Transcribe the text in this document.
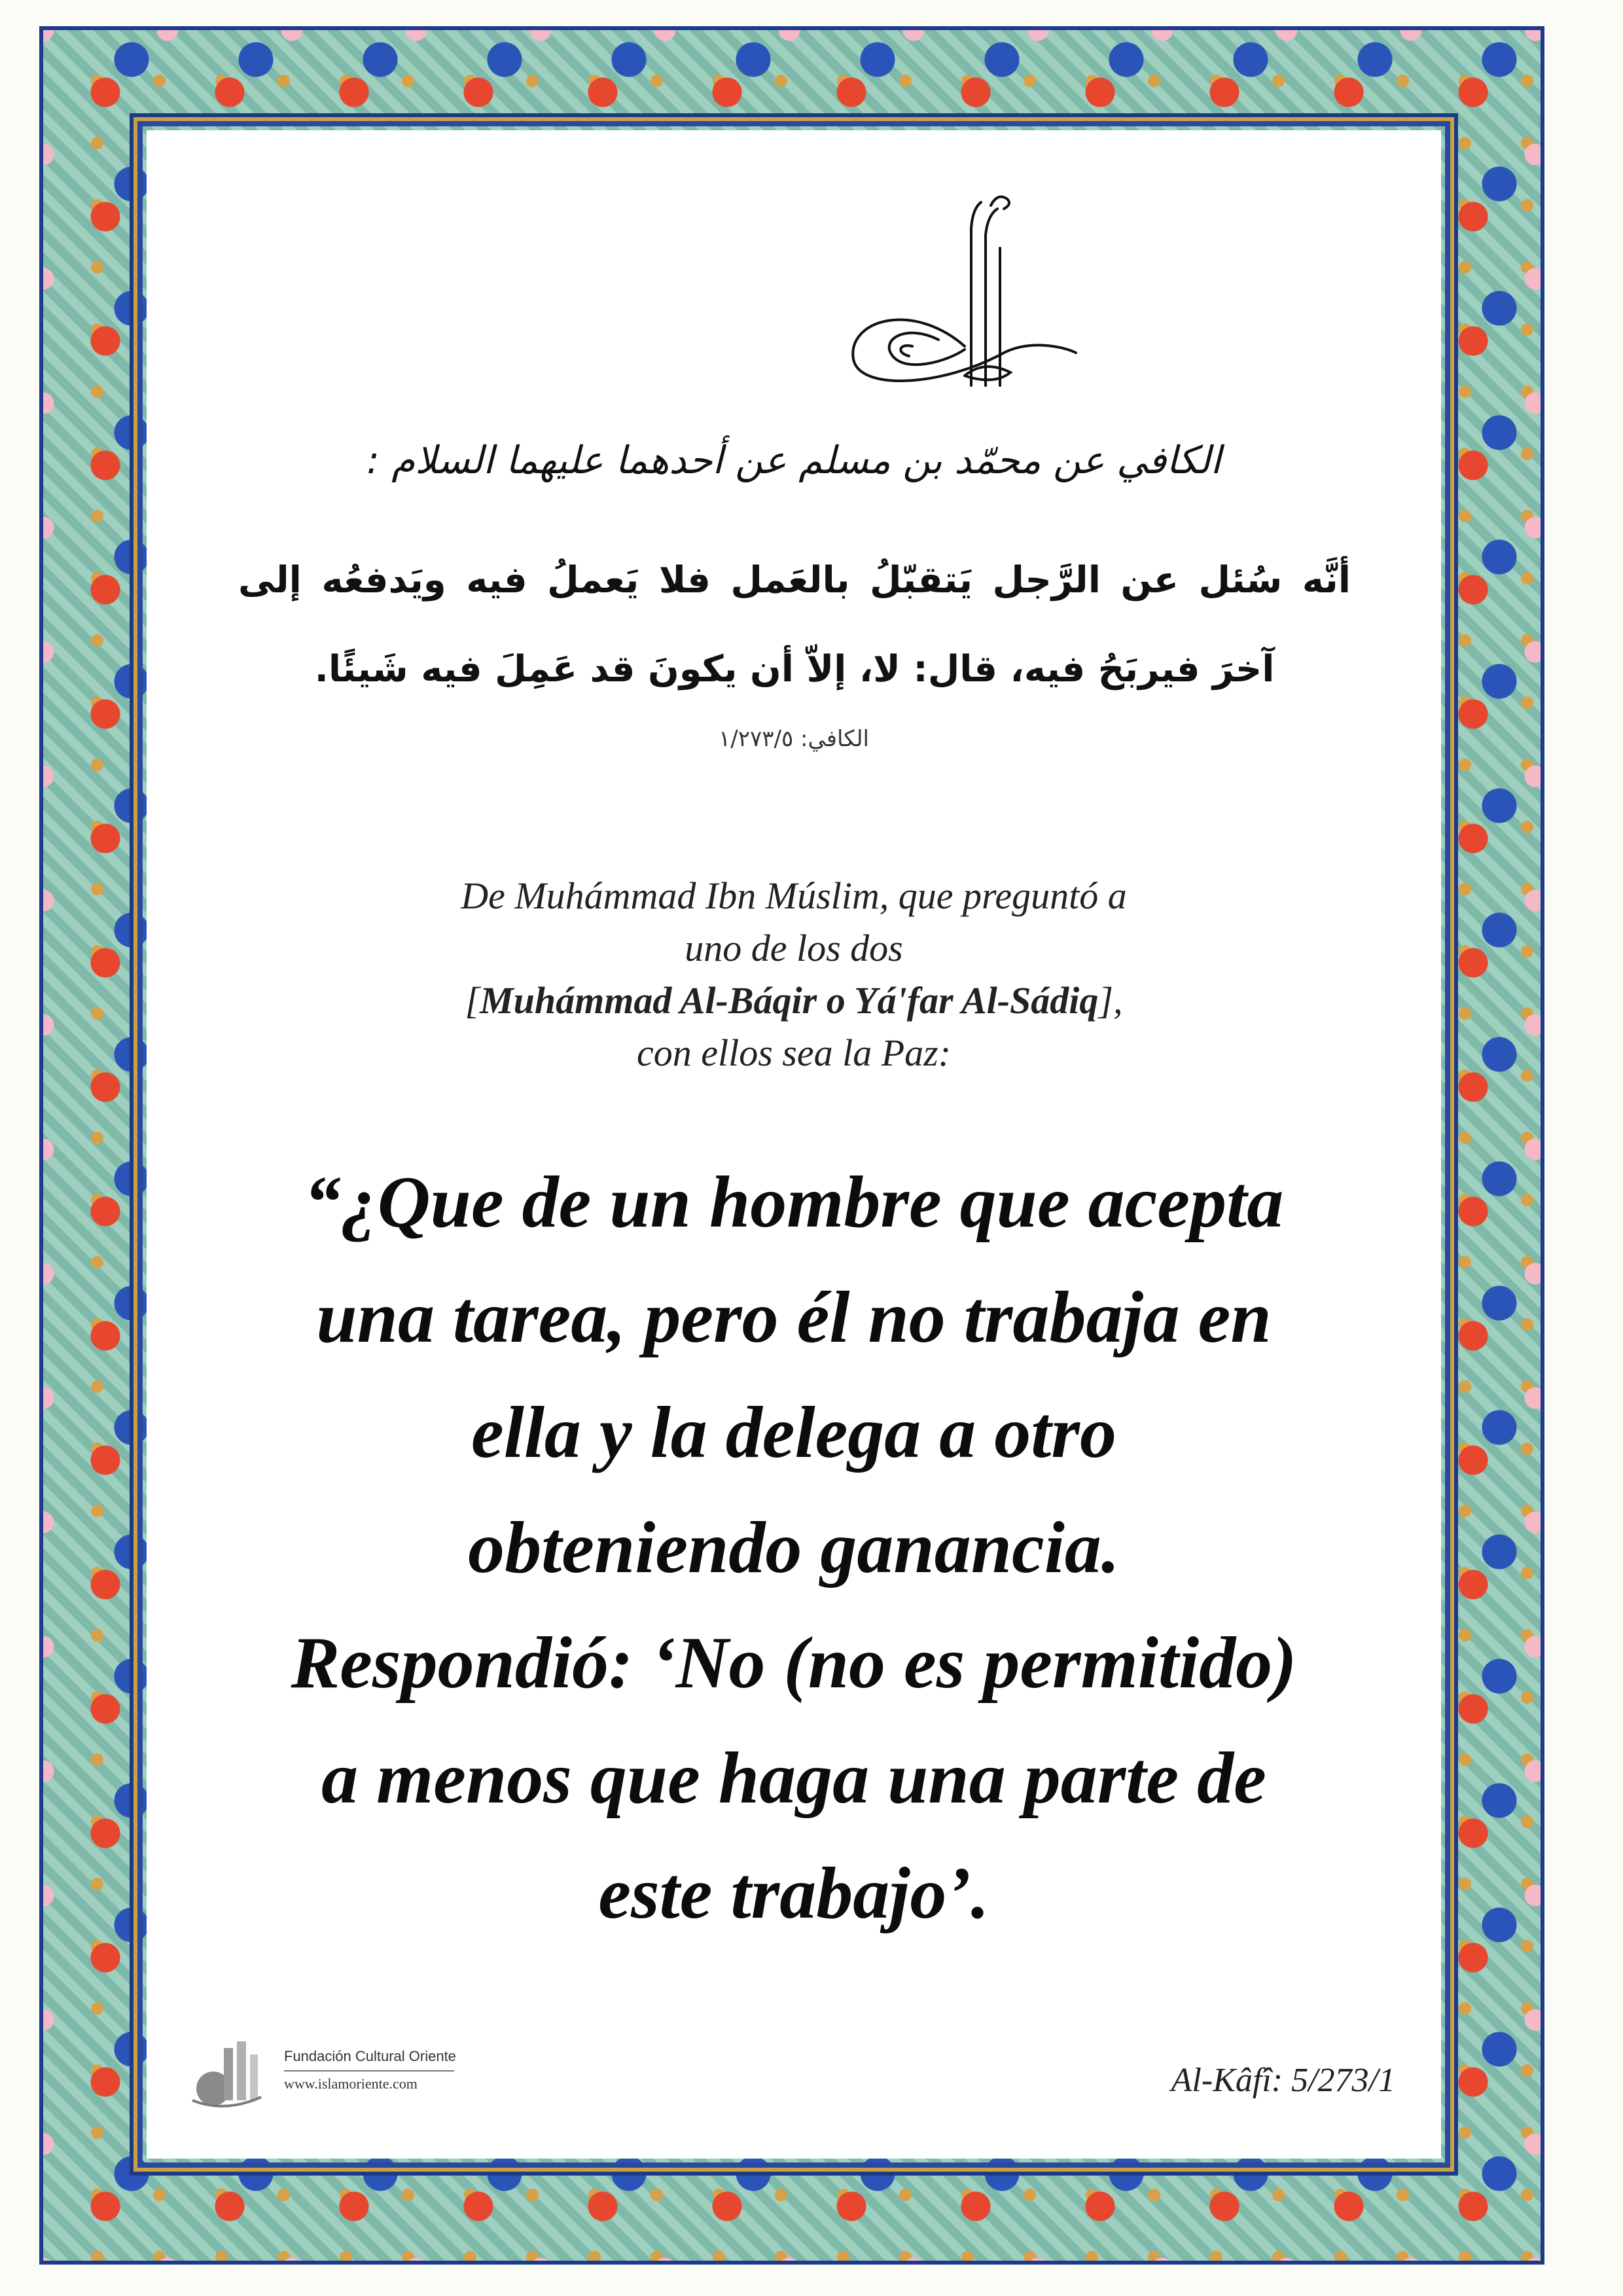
الكافي عن محمّد بن مسلم عن أحدهما عليهما السلام :
أنَّه سُئل عن الرَّجل يَتقبّلُ بالعَمل فلا يَعملُ فيه ويَدفعُه إلى آخرَ فيربَحُ فيه، قال: لا، إلاّ أن يكونَ قد عَمِلَ فيه شَيئًا.
الكافي: ١/٢٧٣/٥
De Muhámmad Ibn Múslim, que preguntó a
uno de los dos
[Muhámmad Al-Báqir o Yá'far Al-Sádiq],
con ellos sea la Paz:
“¿Que de un hombre que acepta
una tarea, pero él no trabaja en
ella y la delega a otro
obteniendo ganancia.
Respondió: ‘No (no es permitido)
a menos que haga una parte de
este trabajo’.
Fundación Cultural Oriente
www.islamoriente.com	Al-Kâfî: 5/273/1
